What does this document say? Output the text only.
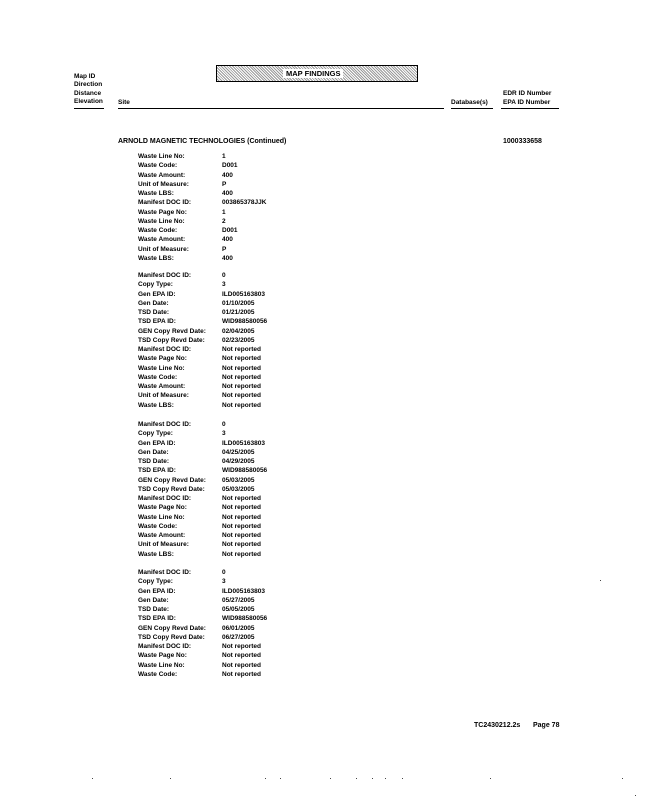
MAP FINDINGS
Map ID
Direction
Distance
Elevation Site	Database(s)
EDR ID Number
EPA ID Number
ARNOLD MAGNETIC TECHNOLOGIES (Continued)	1000333658
Waste Line No:	1
Waste Code:	D001
Waste Amount:	400
Unit of Measure:	P
Waste LBS:	400
Manifest DOC ID:	003865378JJK
Waste Page No:	1
Waste Line No:	2
Waste Code:	D001
Waste Amount:	400
Unit of Measure:	P
Waste LBS:	400
Manifest DOC ID:	0
Copy Type:	3
Gen EPA ID:	ILD005163803
Gen Date:	01/10/2005
TSD Date:	01/21/2005
TSD EPA ID:	WID988580056
GEN Copy Revd Date: 02/04/2005
TSD Copy Revd Date:	02/23/2005
Manifest DOC ID:	Not reported
Waste Page No:	Not reported
Waste Line No:	Not reported
Waste Code:	Not reported
Waste Amount:	Not reported
Unit of Measure:	Not reported
Waste LBS:	Not reported
Manifest DOC ID:	0
Copy Type:	3
Gen EPA ID:	ILD005163803
Gen Date:	04/25/2005
TSD Date:	04/29/2005
TSD EPA ID:	WID988580056
GEN Copy Revd Date: 05/03/2005
TSD Copy Revd Date:	05/03/2005
Manifest DOC ID:	Not reported
Waste Page No:	Not reported
Waste Line No:	Not reported
Waste Code:	Not reported
Waste Amount:	Not reported
Unit of Measure:	Not reported
Waste LBS:	Not reported
Manifest DOC ID:	0
Copy Type:	3
Gen EPA ID:	ILD005163803
Gen Date:	05/27/2005
TSD Date:	05/05/2005
TSD EPA ID:	WID988580056
GEN Copy Revd Date: 06/01/2005
TSD Copy Revd Date:	06/27/2005
Manifest DOC ID:	Not reported
Waste Page No:	Not reported
Waste Line No:	Not reported
Waste Code:	Not reported
TC2430212.2s Page 78
